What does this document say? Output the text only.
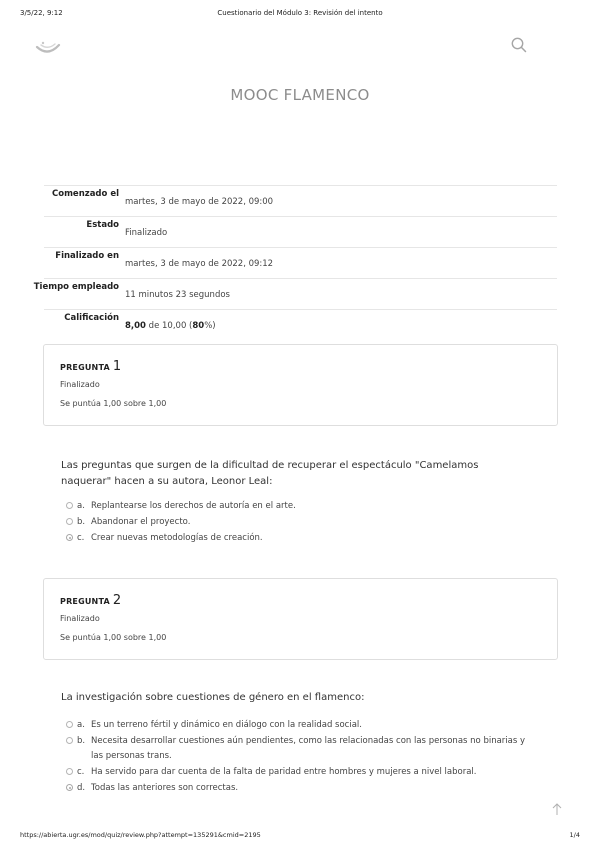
3/5/22, 9:12	Cuestionario del Módulo 3: Revisión del intento
MOOC FLAMENCO
Comenzado el
martes, 3 de mayo de 2022, 09:00
Estado
Finalizado
Finalizado en
martes, 3 de mayo de 2022, 09:12
Tiempo empleado
11 minutos 23 segundos
Calificación
8,00 de 10,00 (80%)
PREGUNTA 1
Finalizado
Se puntúa 1,00 sobre 1,00
Las preguntas que surgen de la dificultad de recuperar el espectáculo "Camelamos naquerar" hacen a su autora, Leonor Leal:
a. Replantearse los derechos de autoría en el arte.
b. Abandonar el proyecto.
c. Crear nuevas metodologías de creación.
PREGUNTA 2
Finalizado
Se puntúa 1,00 sobre 1,00
La investigación sobre cuestiones de género en el flamenco:
a. Es un terreno fértil y dinámico en diálogo con la realidad social.
b. Necesita desarrollar cuestiones aún pendientes, como las relacionadas con las personas no binarias y las personas trans.
c. Ha servido para dar cuenta de la falta de paridad entre hombres y mujeres a nivel laboral.
d. Todas las anteriores son correctas.
https://abierta.ugr.es/mod/quiz/review.php?attempt=135291&cmid=2195	1/4
